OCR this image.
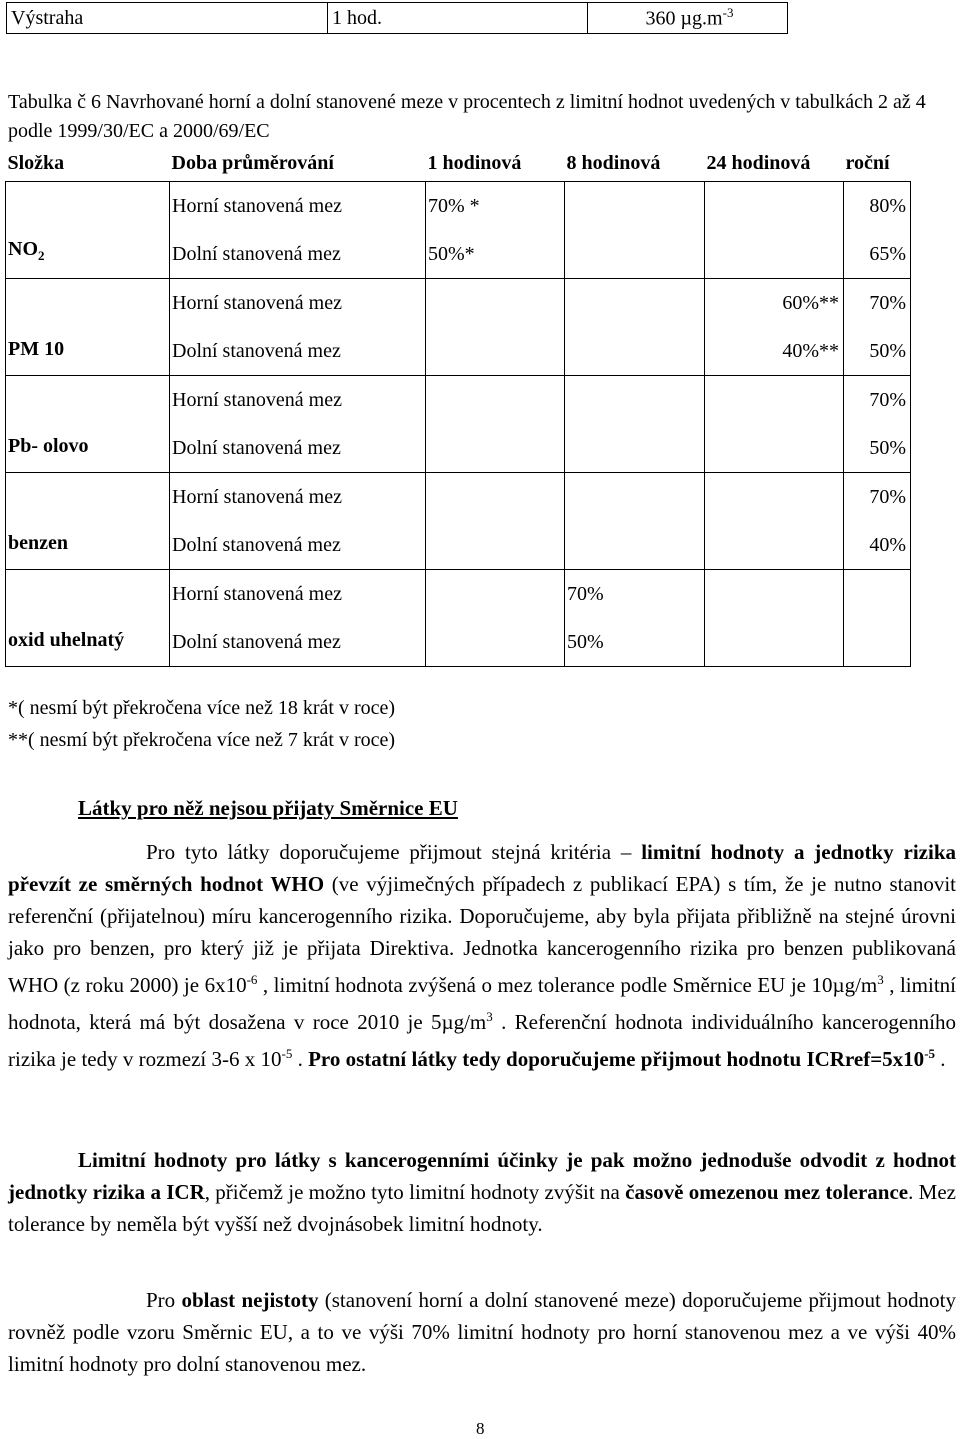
Výstraha	1 hod.	360 $\mu g.m^{-3}$
Tabulka č 6 Navrhované horní a dolní stanovené meze v procentech z limitní hodnot uvedených v tabulkách 2 až 4 podle 1999/30/EC a 2000/69/EC
Složka	Doba průměrování	1 hodinová	8 hodinová	24 hodinová	roční
$NO_2$	Horní stanovená mez	70% *			80%
	Dolní stanovená mez	50%*			65%
PM 10	Horní stanovená mez			60%**	70%
	Dolní stanovená mez			40%**	50%
Pb- olovo	Horní stanovená mez				70%
	Dolní stanovená mez				50%
benzen	Horní stanovená mez				70%
	Dolní stanovená mez				40%
oxid uhelnatý	Horní stanovená mez		70%		
	Dolní stanovená mez		50%		
*( nesmí být překročena více než 18 krát v roce)
**( nesmí být překročena více než 7 krát v roce)
Látky pro něž nejsou přijaty Směrnice EU
Pro tyto látky doporučujeme přijmout stejná kritéria – limitní hodnoty a jednotky rizika převzít ze směrných hodnot WHO (ve výjimečných případech z publikací EPA) s tím, že je nutno stanovit referenční (přijatelnou) míru kancerogenního rizika. Doporučujeme, aby byla přijata přibližně na stejné úrovni jako pro benzen, pro který již je přijata Direktiva. Jednotka kancerogenního rizika pro benzen publikovaná WHO (z roku 2000) je $6x10^{-6}$ , limitní hodnota zvýšená o mez tolerance podle Směrnice EU je $10\mu g/m^3$ , limitní hodnota, která má být dosažena v roce 2010 je $5\mu g/m^3$ . Referenční hodnota individuálního kancerogenního rizika je tedy v rozmezí 3-6 x $10^{-5}$ . Pro ostatní látky tedy doporučujeme přijmout hodnotu $ICRref=5x10^{-5}$ .
Limitní hodnoty pro látky s kancerogenními účinky je pak možno jednoduše odvodit z hodnot jednotky rizika a ICR, přičemž je možno tyto limitní hodnoty zvýšit na časově omezenou mez tolerance. Mez tolerance by neměla být vyšší než dvojnásobek limitní hodnoty.
Pro oblast nejistoty (stanovení horní a dolní stanovené meze) doporučujeme přijmout hodnoty rovněž podle vzoru Směrnic EU, a to ve výši 70% limitní hodnoty pro horní stanovenou mez a ve výši 40% limitní hodnoty pro dolní stanovenou mez.
8
